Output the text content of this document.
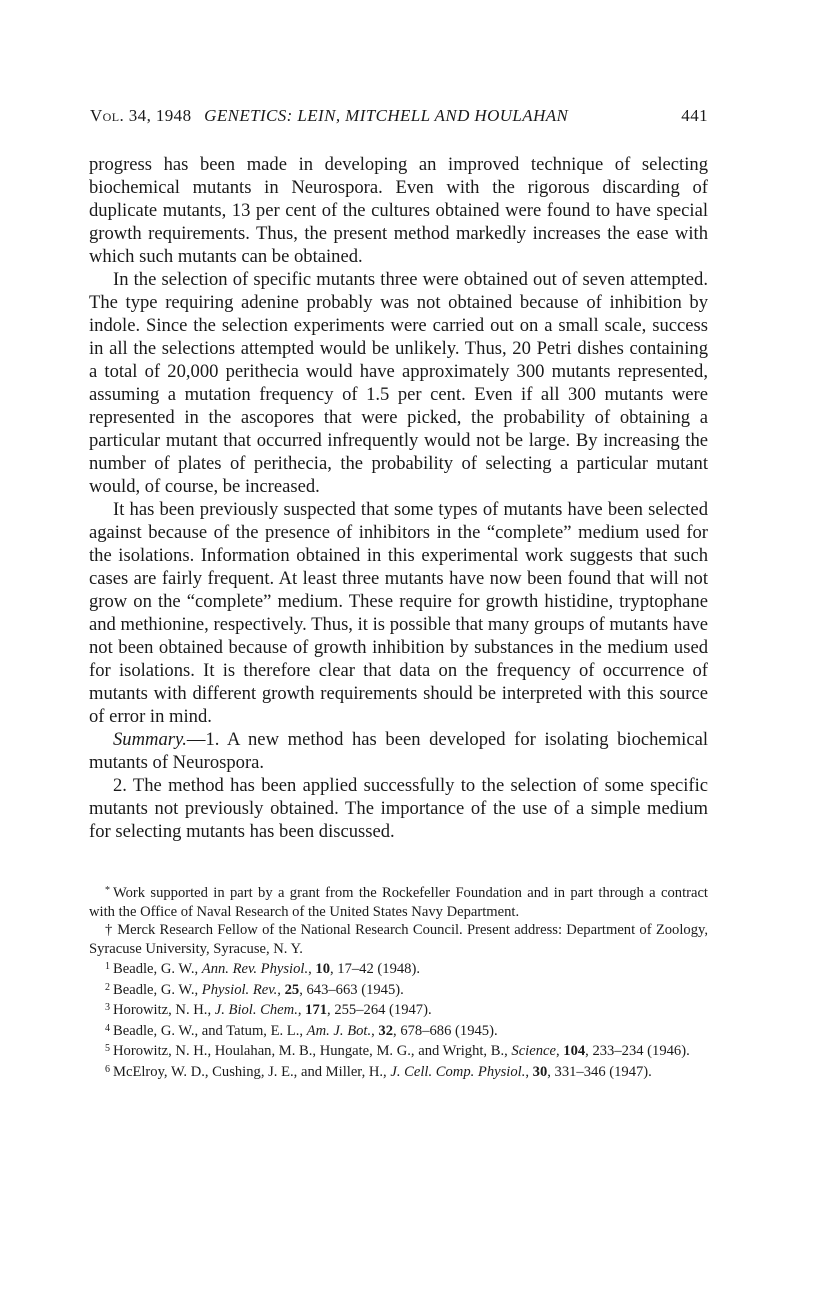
Vol. 34, 1948 GENETICS: LEIN, MITCHELL AND HOULAHAN	441

progress has been made in developing an improved technique of selecting biochemical mutants in Neurospora. Even with the rigorous discarding of duplicate mutants, 13 per cent of the cultures obtained were found to have special growth requirements. Thus, the present method markedly increases the ease with which such mutants can be obtained.

In the selection of specific mutants three were obtained out of seven attempted. The type requiring adenine probably was not obtained because of inhibition by indole. Since the selection experiments were carried out on a small scale, success in all the selections attempted would be unlikely. Thus, 20 Petri dishes containing a total of 20,000 perithecia would have approximately 300 mutants represented, assuming a mutation frequency of 1.5 per cent. Even if all 300 mutants were represented in the ascopores that were picked, the probability of obtaining a particular mutant that occurred infrequently would not be large. By increasing the number of plates of perithecia, the probability of selecting a particular mutant would, of course, be increased.

It has been previously suspected that some types of mutants have been selected against because of the presence of inhibitors in the “complete” medium used for the isolations. Information obtained in this experimental work suggests that such cases are fairly frequent. At least three mutants have now been found that will not grow on the “complete” medium. These require for growth histidine, tryptophane and methionine, respectively. Thus, it is possible that many groups of mutants have not been obtained because of growth inhibition by substances in the medium used for isolations. It is therefore clear that data on the frequency of occurrence of mutants with different growth requirements should be interpreted with this source of error in mind.

Summary.—1. A new method has been developed for isolating biochemical mutants of Neurospora.

2. The method has been applied successfully to the selection of some specific mutants not previously obtained. The importance of the use of a simple medium for selecting mutants has been discussed.

* Work supported in part by a grant from the Rockefeller Foundation and in part through a contract with the Office of Naval Research of the United States Navy Department.

† Merck Research Fellow of the National Research Council. Present address: Department of Zoology, Syracuse University, Syracuse, N. Y.

$^1$ Beadle, G. W., Ann. Rev. Physiol., 10, 17–42 (1948).

$^2$ Beadle, G. W., Physiol. Rev., 25, 643–663 (1945).

$^3$ Horowitz, N. H., J. Biol. Chem., 171, 255–264 (1947).

$^4$ Beadle, G. W., and Tatum, E. L., Am. J. Bot., 32, 678–686 (1945).

$^5$ Horowitz, N. H., Houlahan, M. B., Hungate, M. G., and Wright, B., Science, 104, 233–234 (1946).

$^6$ McElroy, W. D., Cushing, J. E., and Miller, H., J. Cell. Comp. Physiol., 30, 331–346 (1947).
